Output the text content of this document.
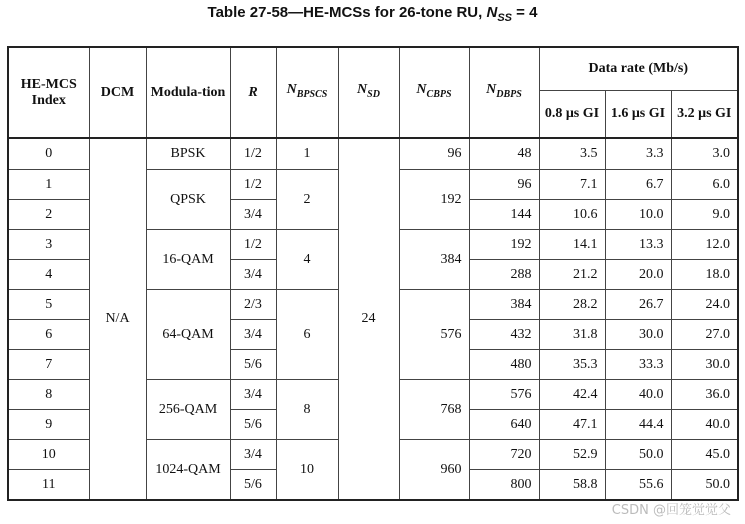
Table 27-58—HE-MCSs for 26-tone RU, $N_{SS} = 4$
HE-MCS Index	DCM	Modula-tion	R	$N_{BPSCS}$	$N_{SD}$	$N_{CBPS}$	$N_{DBPS}$	Data rate (Mb/s)		
								0.8 μs GI	1.6 μs GI	3.2 μs GI
0	N/A	BPSK	1/2	1	24	96	48	3.5	3.3	3.0
1		QPSK	1/2	2		192	96	7.1	6.7	6.0
2			3/4				144	10.6	10.0	9.0
3		16-QAM	1/2	4		384	192	14.1	13.3	12.0
4			3/4				288	21.2	20.0	18.0
5		64-QAM	2/3	6		576	384	28.2	26.7	24.0
6			3/4				432	31.8	30.0	27.0
7			5/6				480	35.3	33.3	30.0
8		256-QAM	3/4	8		768	576	42.4	40.0	36.0
9			5/6				640	47.1	44.4	40.0
10		1024-QAM	3/4	10		960	720	52.9	50.0	45.0
11			5/6				800	58.8	55.6	50.0
CSDN @回笼觉觉父
